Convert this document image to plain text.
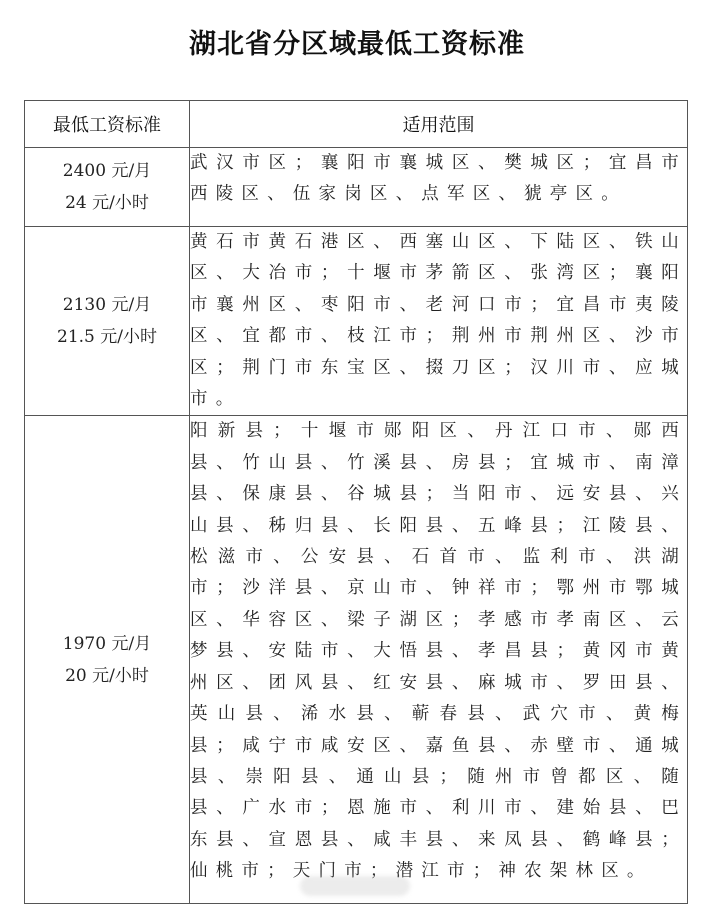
湖北省分区域最低工资标准
最低工资标准	适用范围

2400 元/月
24 元/小时	武汉市区；襄阳市襄城区、樊城区；宜昌市西陵区、伍家岗区、点军区、猇亭区。

2130 元/月
21.5 元/小时	黄石市黄石港区、西塞山区、下陆区、铁山区、大冶市；十堰市茅箭区、张湾区；襄阳市襄州区、枣阳市、老河口市；宜昌市夷陵区、宜都市、枝江市；荆州市荆州区、沙市区；荆门市东宝区、掇刀区；汉川市、应城市。

1970 元/月
20 元/小时	阳新县；十堰市郧阳区、丹江口市、郧西县、竹山县、竹溪县、房县；宜城市、南漳县、保康县、谷城县；当阳市、远安县、兴山县、秭归县、长阳县、五峰县；江陵县、松滋市、公安县、石首市、监利市、洪湖市；沙洋县、京山市、钟祥市；鄂州市鄂城区、华容区、梁子湖区；孝感市孝南区、云梦县、安陆市、大悟县、孝昌县；黄冈市黄州区、团风县、红安县、麻城市、罗田县、英山县、浠水县、蕲春县、武穴市、黄梅县；咸宁市咸安区、嘉鱼县、赤壁市、通城县、崇阳县、通山县；随州市曾都区、随县、广水市；恩施市、利川市、建始县、巴东县、宣恩县、咸丰县、来凤县、鹤峰县；仙桃市；天门市；潜江市；神农架林区。
